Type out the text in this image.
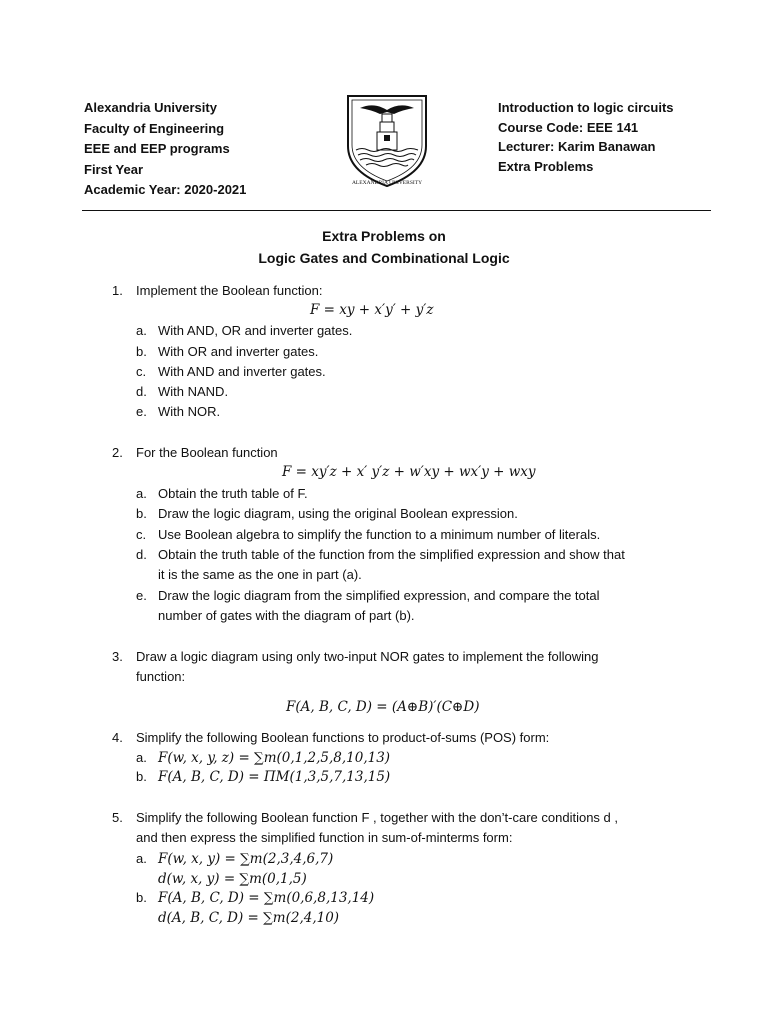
Alexandria University
Faculty of Engineering
EEE and EEP programs
First Year
Academic Year: 2020-2021	ALEXANDRIA UNIVERSITY
Introduction to logic circuits
Course Code: EEE 141
Lecturer: Karim Banawan
Extra Problems
Extra Problems on
Logic Gates and Combinational Logic
1. Implement the Boolean function:
F = xy + x′y′ + y′z
a. With AND, OR and inverter gates.
b. With OR and inverter gates.
c. With AND and inverter gates.
d. With NAND.
e. With NOR.
2. For the Boolean function
F = xy′z + x′ y′z + w′xy + wx′y + wxy
a. Obtain the truth table of F.
b. Draw the logic diagram, using the original Boolean expression.
c. Use Boolean algebra to simplify the function to a minimum number of literals.
d. Obtain the truth table of the function from the simplified expression and show that
it is the same as the one in part (a).
e. Draw the logic diagram from the simplified expression, and compare the total
number of gates with the diagram of part (b).
3. Draw a logic diagram using only two-input NOR gates to implement the following
function:
F(A, B, C, D) = (A⊕B)′(C⊕D)
4. Simplify the following Boolean functions to product-of-sums (POS) form:
a. F(w, x, y, z) = ∑m(0,1,2,5,8,10,13)
b. F(A, B, C, D) = ΠM(1,3,5,7,13,15)
5. Simplify the following Boolean function F , together with the don’t-care conditions d ,
and then express the simplified function in sum-of-minterms form:
a. F(w, x, y) = ∑m(2,3,4,6,7)
d(w, x, y) = ∑m(0,1,5)
b. F(A, B, C, D) = ∑m(0,6,8,13,14)
d(A, B, C, D) = ∑m(2,4,10)
